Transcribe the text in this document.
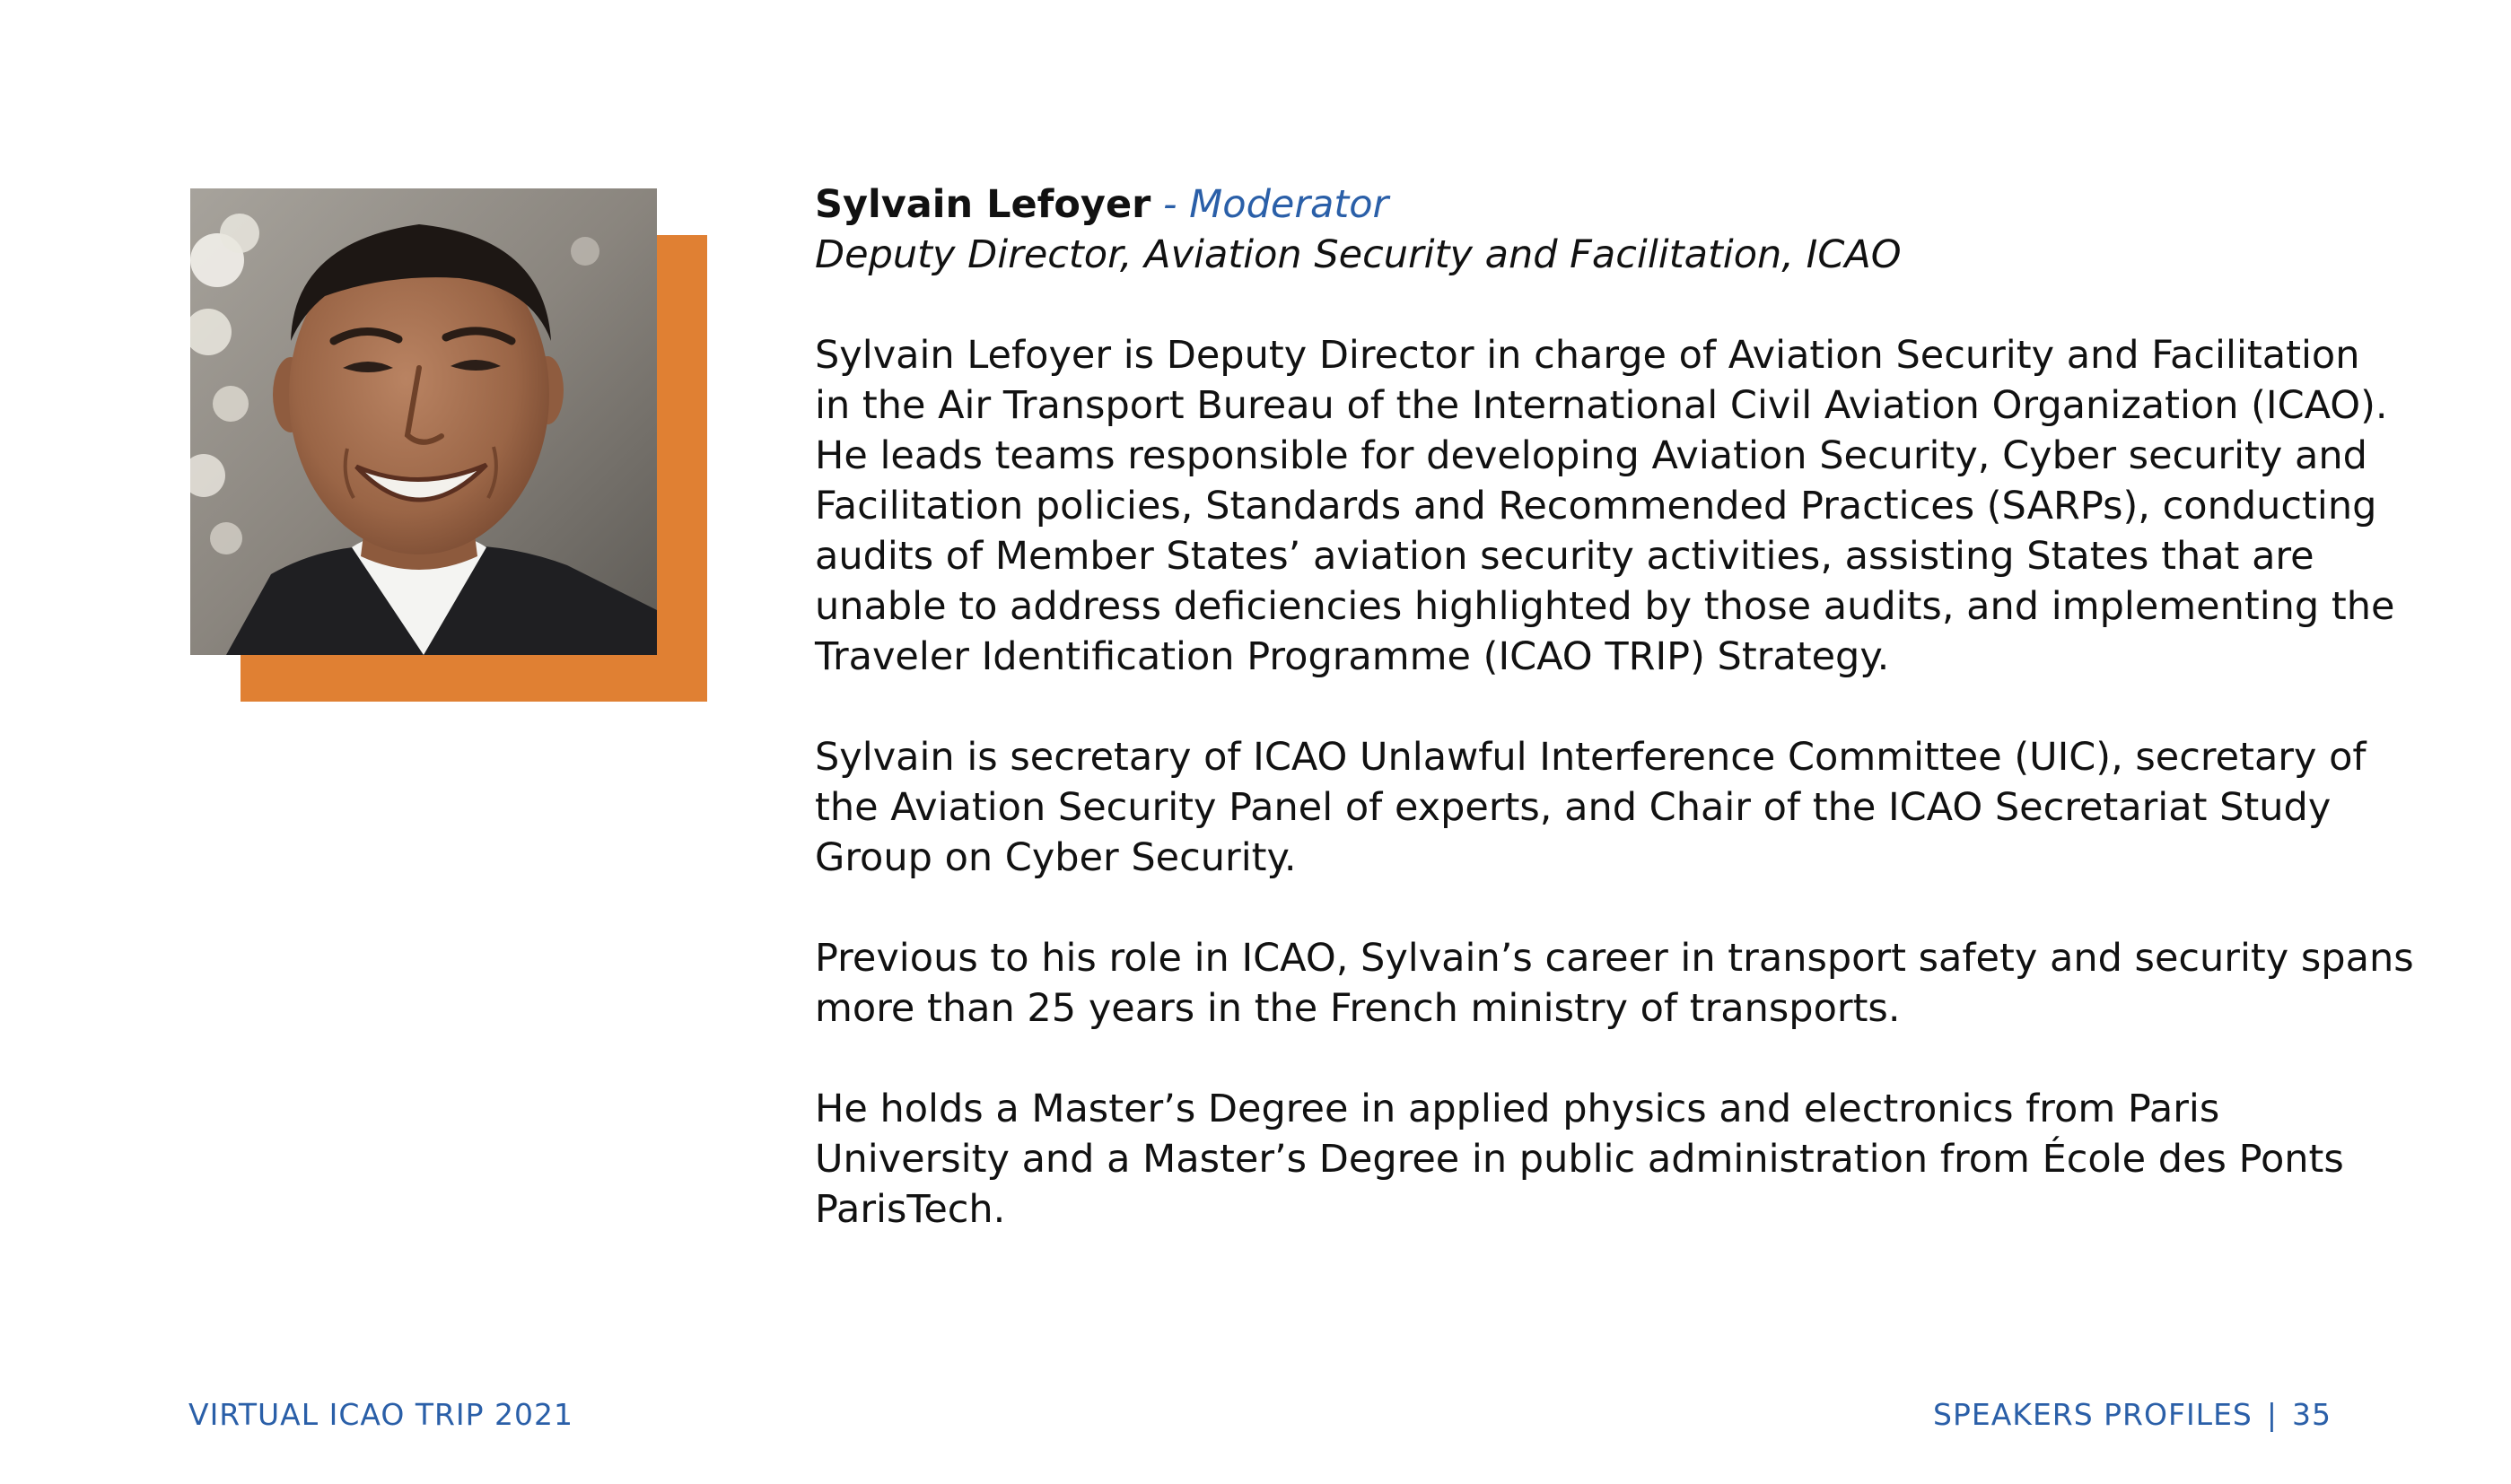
Sylvain Lefoyer - Moderator

Deputy Director, Aviation Security and Facilitation, ICAO

Sylvain Lefoyer is Deputy Director in charge of Aviation Security and Facilitation
in the Air Transport Bureau of the International Civil Aviation Organization (ICAO).
He leads teams responsible for developing Aviation Security, Cyber security and
Facilitation policies, Standards and Recommended Practices (SARPs), conducting
audits of Member States’ aviation security activities, assisting States that are
unable to address deficiencies highlighted by those audits, and implementing the
Traveler Identification Programme (ICAO TRIP) Strategy.
Sylvain is secretary of ICAO Unlawful Interference Committee (UIC), secretary of
the Aviation Security Panel of experts, and Chair of the ICAO Secretariat Study
Group on Cyber Security.
Previous to his role in ICAO, Sylvain’s career in transport safety and security spans
more than 25 years in the French ministry of transports.
He holds a Master’s Degree in applied physics and electronics from Paris
University and a Master’s Degree in public administration from École des Ponts
ParisTech.
VIRTUAL ICAO TRIP 2021	SPEAKERS PROFILES | 35
